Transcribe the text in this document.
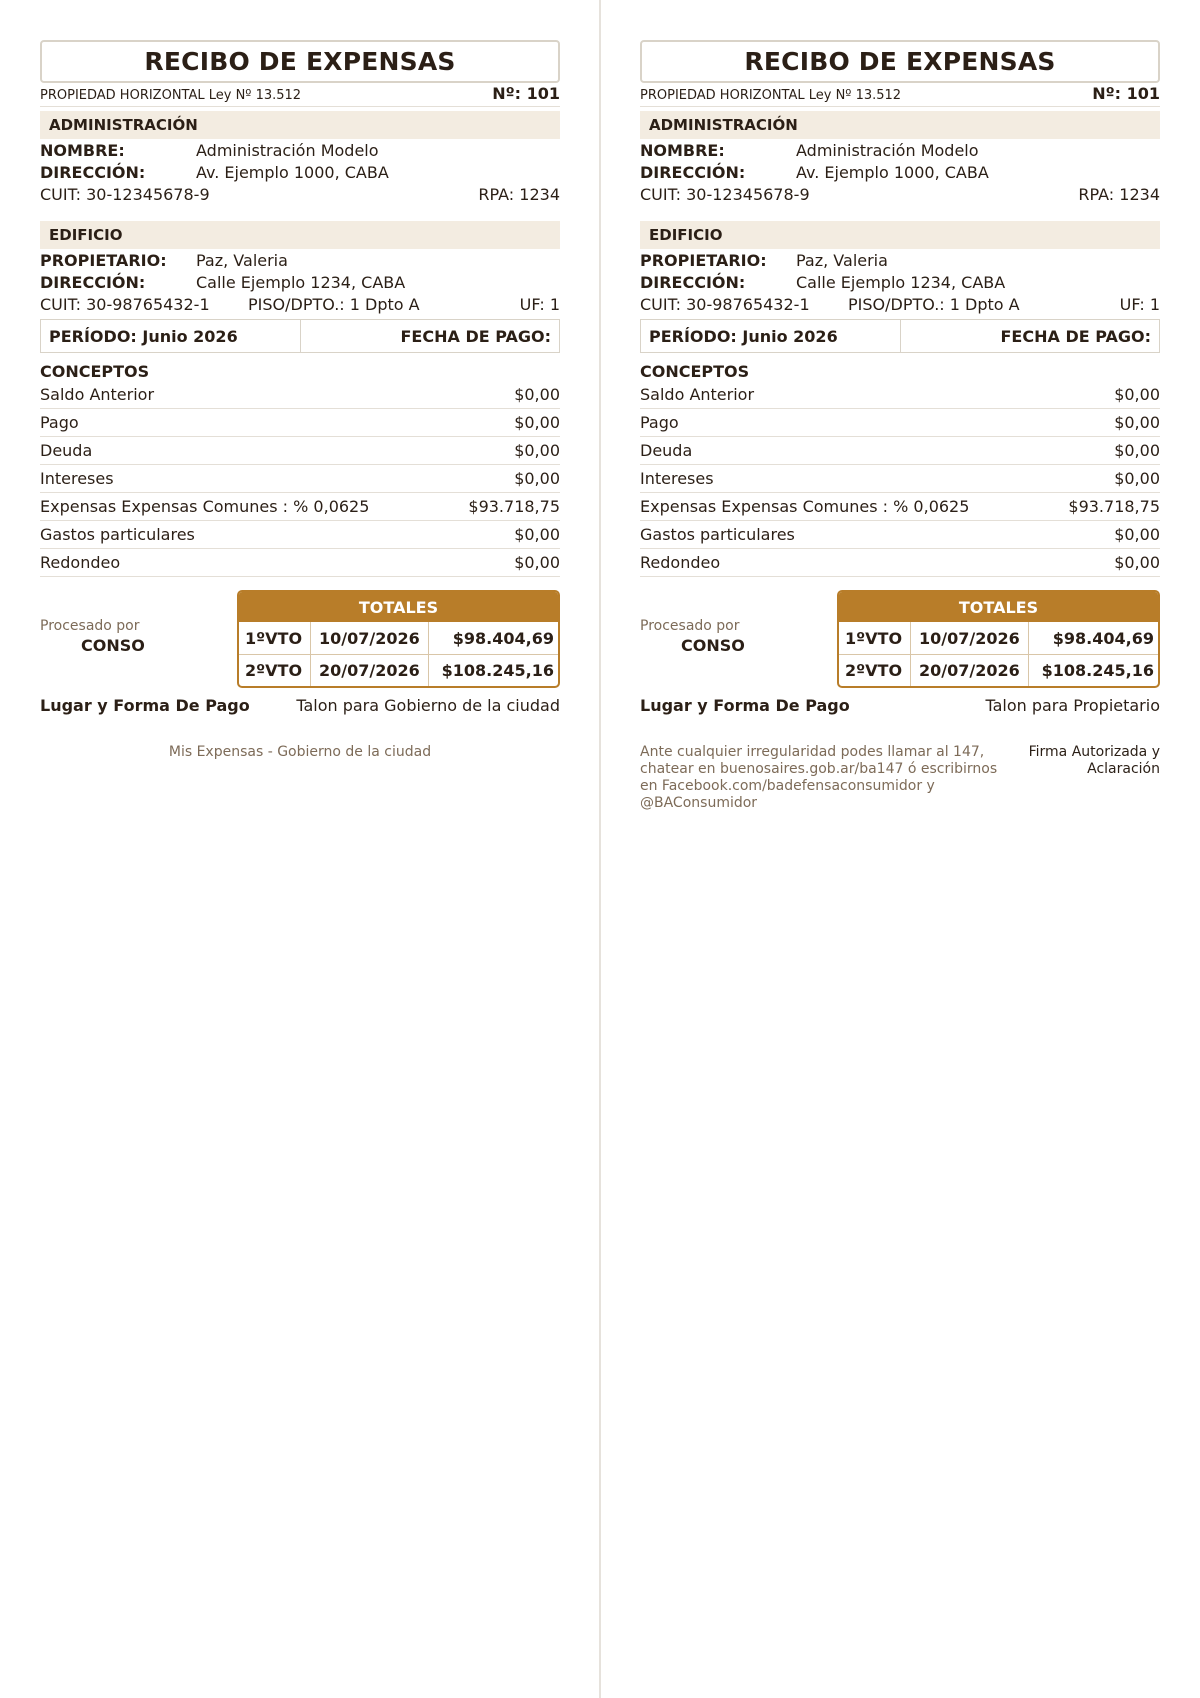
RECIBO DE EXPENSAS
PROPIEDAD HORIZONTAL Ley Nº 13.512	Nº: 101
ADMINISTRACIÓN
NOMBRE:	Administración Modelo
DIRECCIÓN:	Av. Ejemplo 1000, CABA
CUIT: 30-12345678-9	RPA: 1234
EDIFICIO
PROPIETARIO:	Paz, Valeria
DIRECCIÓN:	Calle Ejemplo 1234, CABA
CUIT: 30-98765432-1 PISO/DPTO.: 1 Dpto A	UF: 1
PERÍODO: Junio 2026	FECHA DE PAGO:
CONCEPTOS
Saldo Anterior	$0,00
Pago	$0,00
Deuda	$0,00
Intereses	$0,00
Expensas Expensas Comunes : % 0,0625	$93.718,75
Gastos particulares	$0,00
Redondeo	$0,00
Procesado por
CONSO
TOTALES
1ºVTO	10/07/2026	$98.404,69
2ºVTO	20/07/2026	$108.245,16
Lugar y Forma De Pago	Talon para Gobierno de la ciudad
Mis Expensas - Gobierno de la ciudad
RECIBO DE EXPENSAS
PROPIEDAD HORIZONTAL Ley Nº 13.512	Nº: 101
ADMINISTRACIÓN
NOMBRE:	Administración Modelo
DIRECCIÓN:	Av. Ejemplo 1000, CABA
CUIT: 30-12345678-9	RPA: 1234
EDIFICIO
PROPIETARIO:	Paz, Valeria
DIRECCIÓN:	Calle Ejemplo 1234, CABA
CUIT: 30-98765432-1 PISO/DPTO.: 1 Dpto A	UF: 1
PERÍODO: Junio 2026	FECHA DE PAGO:
CONCEPTOS
Saldo Anterior	$0,00
Pago	$0,00
Deuda	$0,00
Intereses	$0,00
Expensas Expensas Comunes : % 0,0625	$93.718,75
Gastos particulares	$0,00
Redondeo	$0,00
Procesado por
CONSO
TOTALES
1ºVTO	10/07/2026	$98.404,69
2ºVTO	20/07/2026	$108.245,16
Lugar y Forma De Pago	Talon para Propietario
Ante cualquier irregularidad podes llamar al 147, chatear en buenosaires.gob.ar/ba147 ó escribirnos en Facebook.com/badefensaconsumidor y @BAConsumidor
Firma Autorizada y Aclaración
